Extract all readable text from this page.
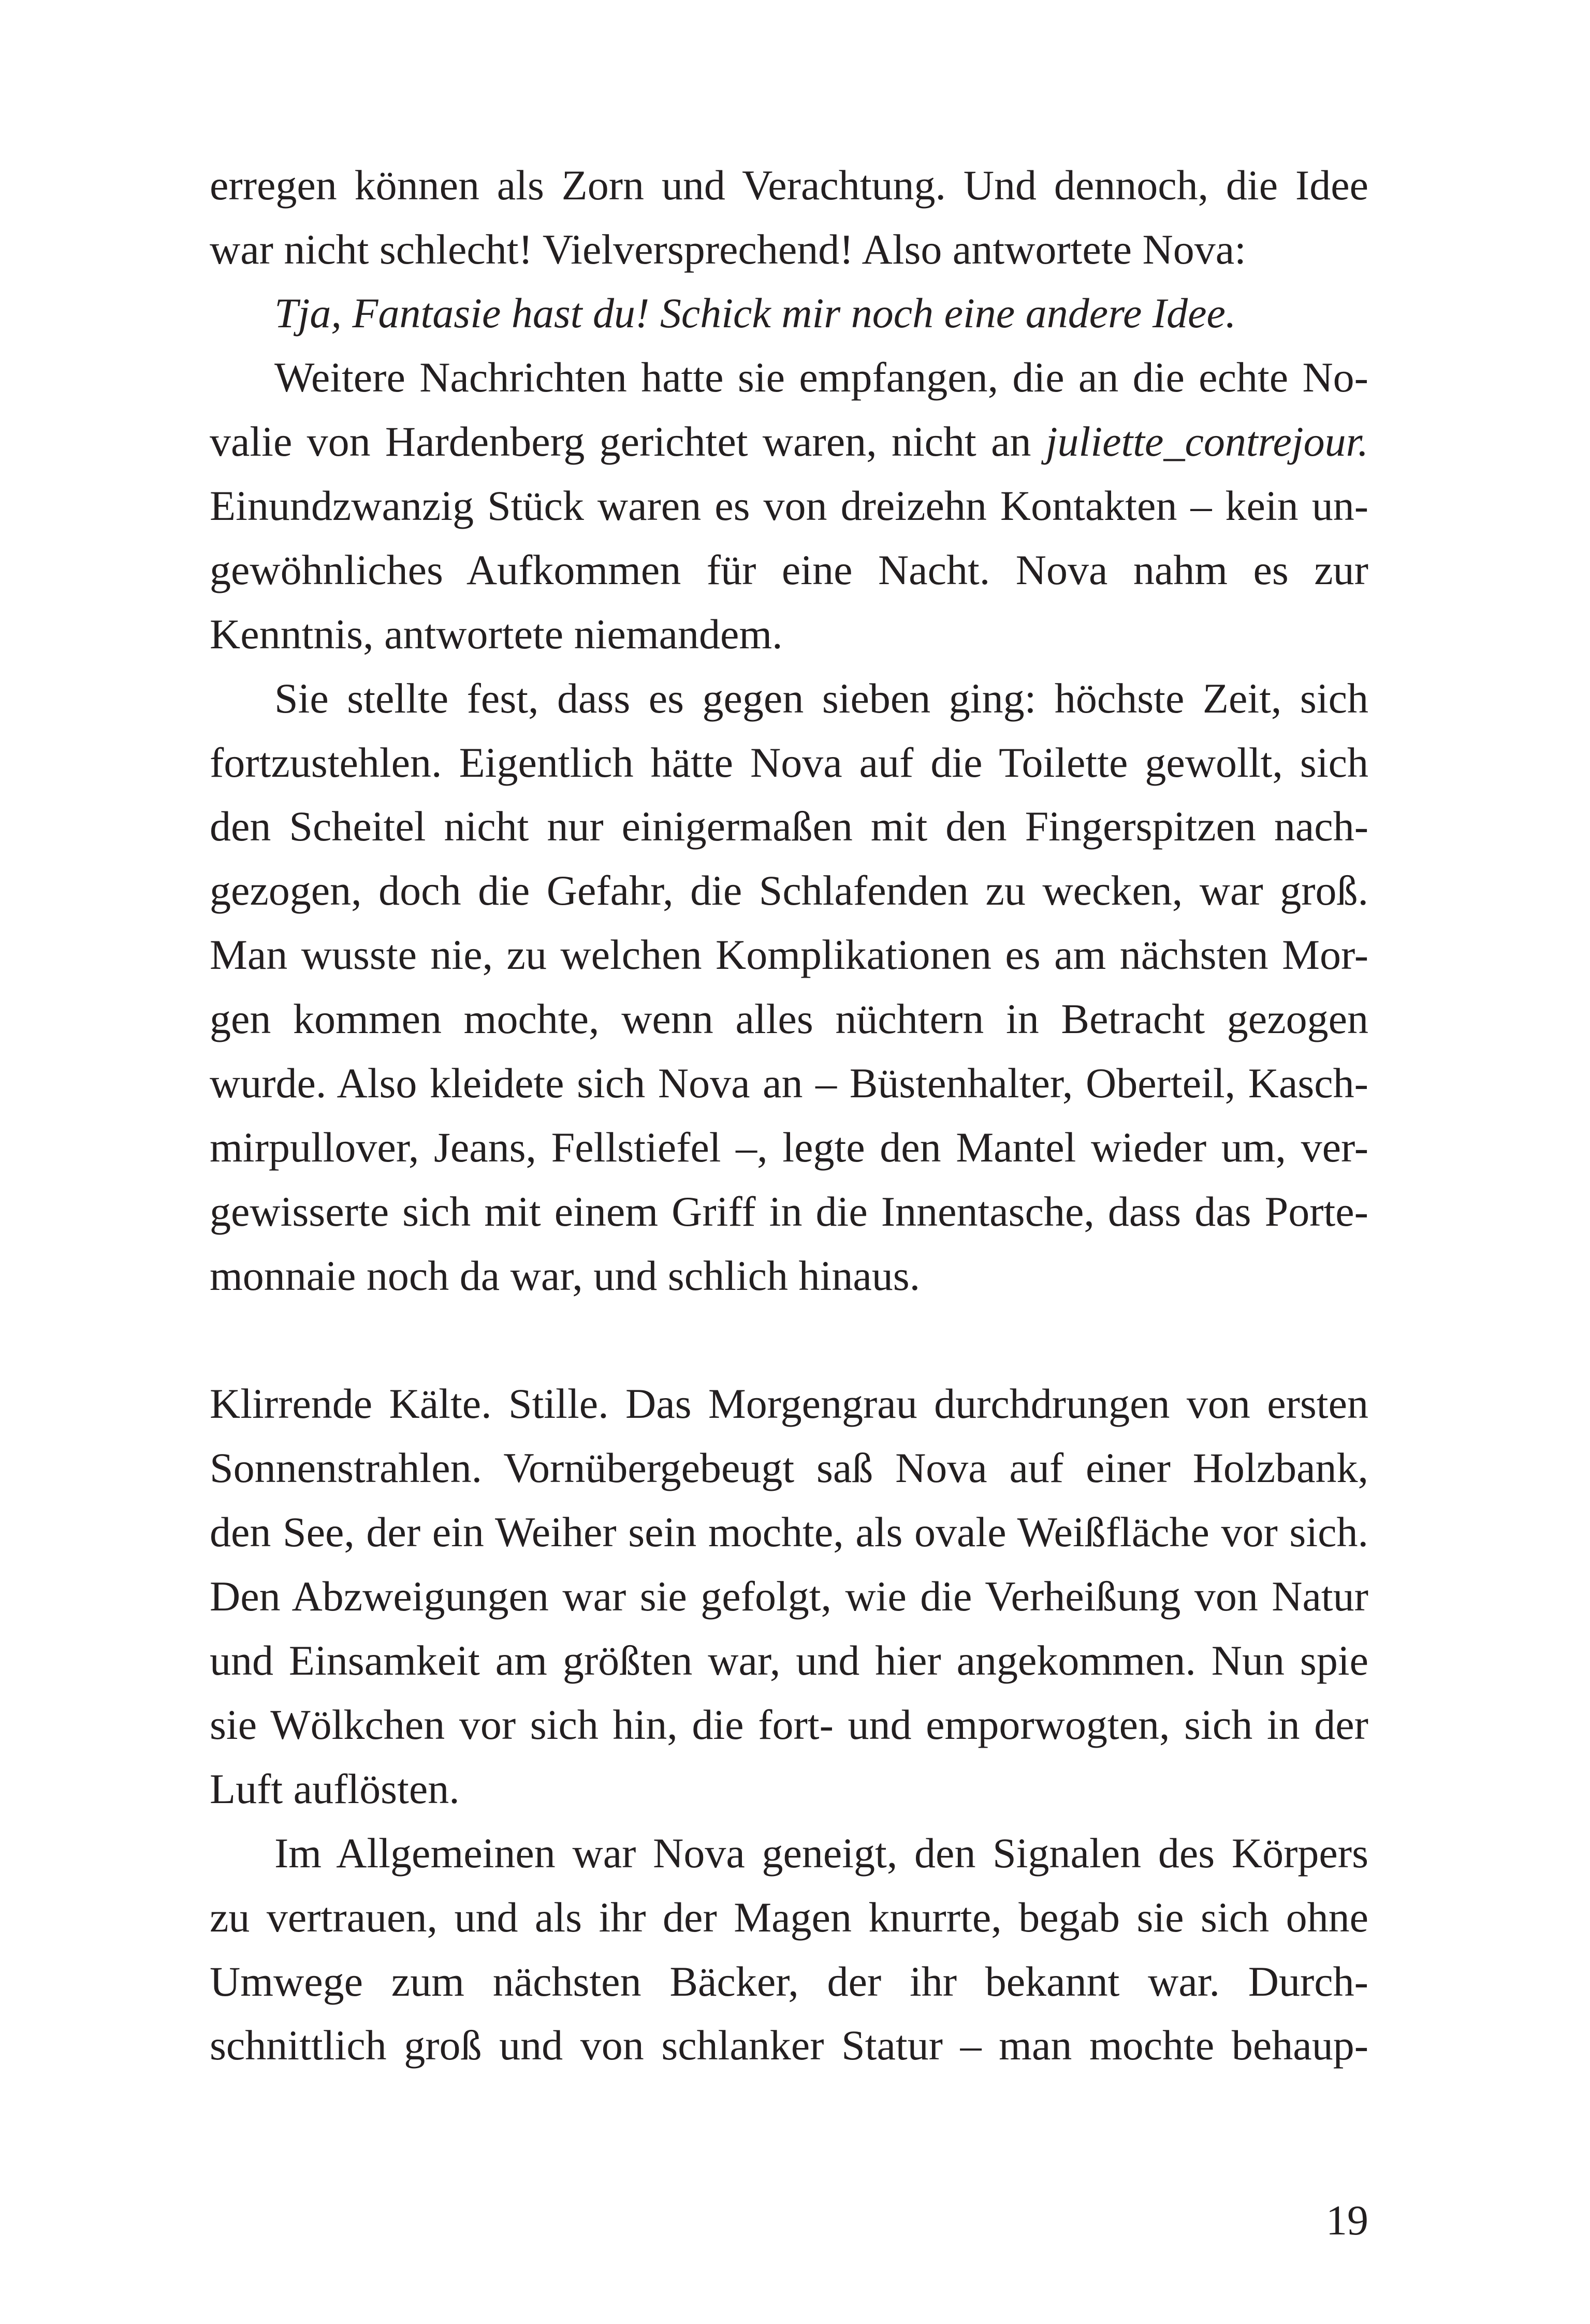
erregen können als Zorn und Verachtung. Und dennoch, die Idee
war nicht schlecht! Vielversprechend! Also antwortete Nova:
Tja, Fantasie hast du! Schick mir noch eine andere Idee.
Weitere Nachrichten hatte sie empfangen, die an die echte No-
valie von Hardenberg gerichtet waren, nicht an juliette_contrejour.
Einundzwanzig Stück waren es von dreizehn Kontakten – kein un-
gewöhnliches Aufkommen für eine Nacht. Nova nahm es zur
Kenntnis, antwortete niemandem.
Sie stellte fest, dass es gegen sieben ging: höchste Zeit, sich
fortzustehlen. Eigentlich hätte Nova auf die Toilette gewollt, sich
den Scheitel nicht nur einigermaßen mit den Fingerspitzen nach-
gezogen, doch die Gefahr, die Schlafenden zu wecken, war groß.
Man wusste nie, zu welchen Komplikationen es am nächsten Mor-
gen kommen mochte, wenn alles nüchtern in Betracht gezogen
wurde. Also kleidete sich Nova an – Büstenhalter, Oberteil, Kasch-
mirpullover, Jeans, Fellstiefel –, legte den Mantel wieder um, ver-
gewisserte sich mit einem Griff in die Innentasche, dass das Porte-
monnaie noch da war, und schlich hinaus.
Klirrende Kälte. Stille. Das Morgengrau durchdrungen von ersten
Sonnenstrahlen. Vornübergebeugt saß Nova auf einer Holzbank,
den See, der ein Weiher sein mochte, als ovale Weißfläche vor sich.
Den Abzweigungen war sie gefolgt, wie die Verheißung von Natur
und Einsamkeit am größten war, und hier angekommen. Nun spie
sie Wölkchen vor sich hin, die fort- und emporwogten, sich in der
Luft auflösten.
Im Allgemeinen war Nova geneigt, den Signalen des Körpers
zu vertrauen, und als ihr der Magen knurrte, begab sie sich ohne
Umwege zum nächsten Bäcker, der ihr bekannt war. Durch-
schnittlich groß und von schlanker Statur – man mochte behaup-
19
